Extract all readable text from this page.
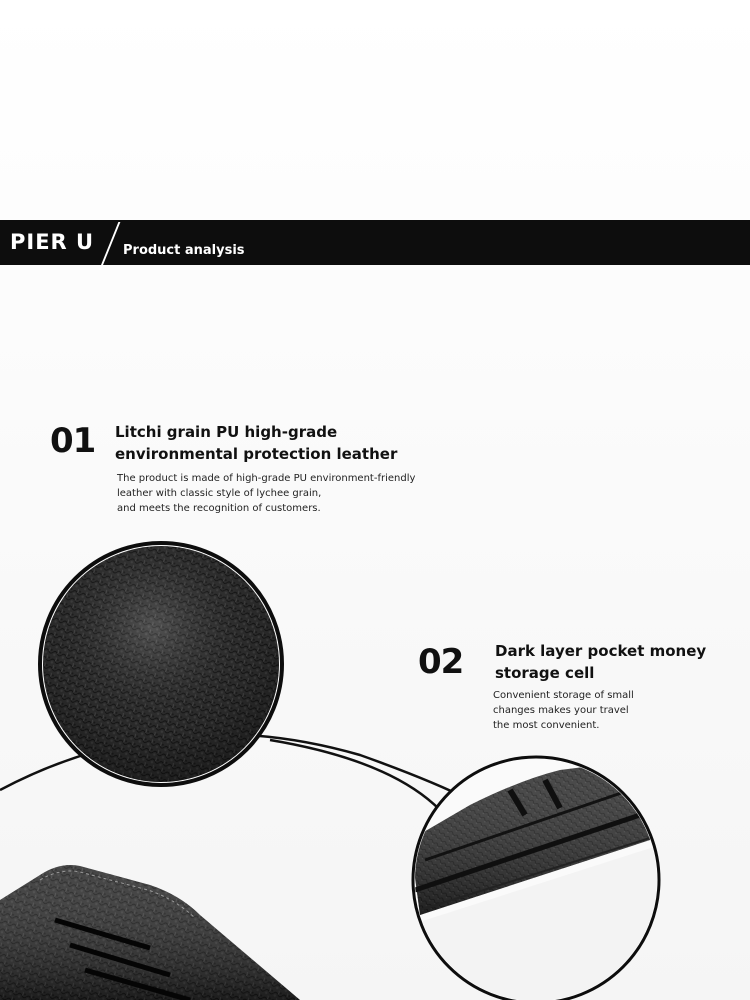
PIER U Product analysis
01 Litchi grain PU high-grade
environmental protection leather
The product is made of high-grade PU environment-friendly
leather with classic style of lychee grain,
and meets the recognition of customers.
02 Dark layer pocket money
storage cell
Convenient storage of small
changes makes your travel
the most convenient.
